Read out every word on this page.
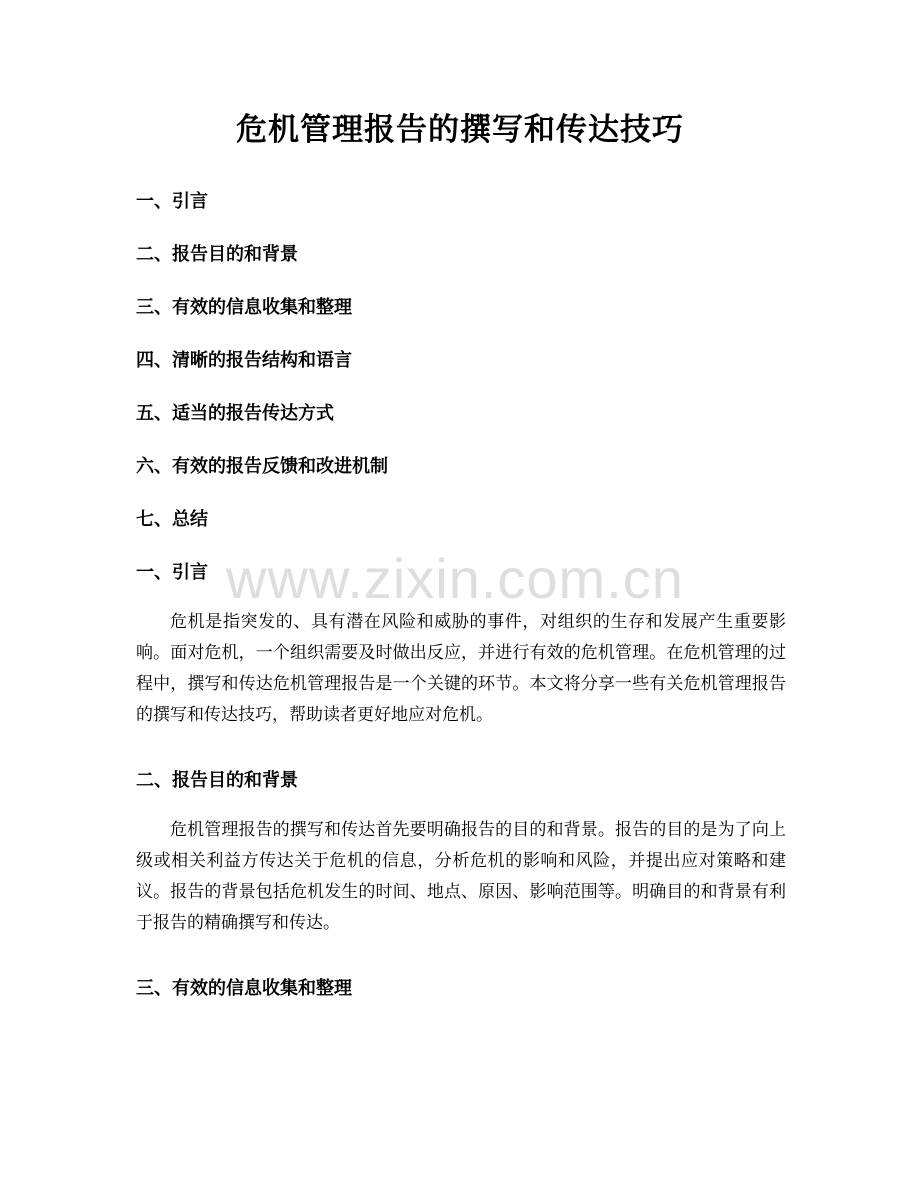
危机管理报告的撰写和传达技巧
一、引言
二、报告目的和背景
三、有效的信息收集和整理
四、清晰的报告结构和语言
五、适当的报告传达方式
六、有效的报告反馈和改进机制
七、总结
一、引言

危机是指突发的、具有潜在风险和威胁的事件，对组织的生存和发展产生重要影响。面对危机，一个组织需要及时做出反应，并进行有效的危机管理。在危机管理的过程中，撰写和传达危机管理报告是一个关键的环节。本文将分享一些有关危机管理报告的撰写和传达技巧，帮助读者更好地应对危机。

二、报告目的和背景

危机管理报告的撰写和传达首先要明确报告的目的和背景。报告的目的是为了向上级或相关利益方传达关于危机的信息，分析危机的影响和风险，并提出应对策略和建议。报告的背景包括危机发生的时间、地点、原因、影响范围等。明确目的和背景有利于报告的精确撰写和传达。

三、有效的信息收集和整理
www.zixin.com.cn
